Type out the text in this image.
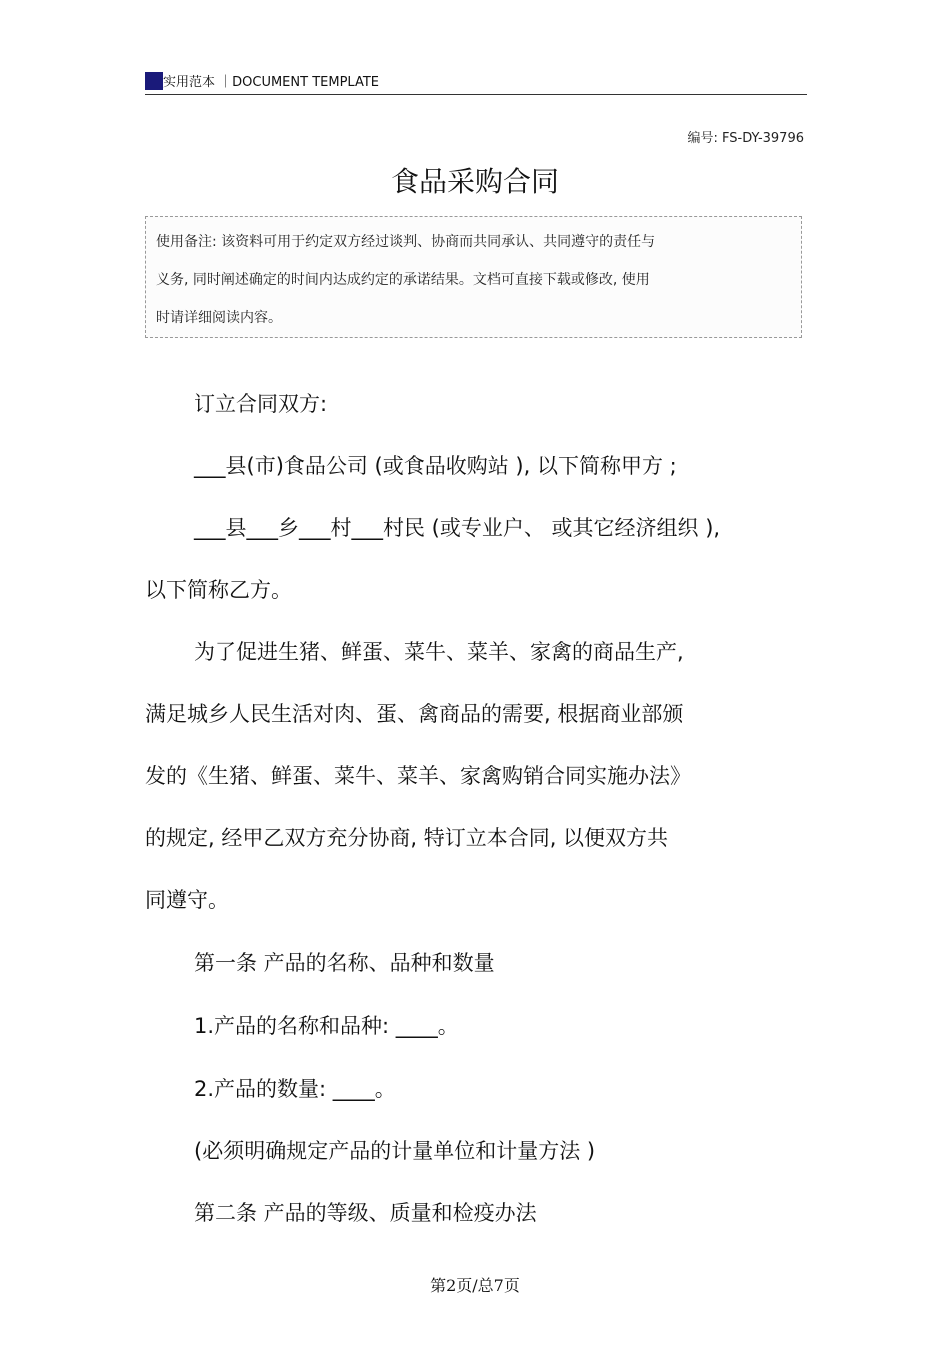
实用范本 ｜DOCUMENT TEMPLATE
编号: FS-DY-39796
食品采购合同
使用备注: 该资料可用于约定双方经过谈判、协商而共同承认、共同遵守的责任与
义务, 同时阐述确定的时间内达成约定的承诺结果。文档可直接下载或修改, 使用
时请详细阅读内容。
订立合同双方:
___县(市)食品公司 (或食品收购站 ), 以下简称甲方 ;
___县___乡___村___村民 (或专业户、 或其它经济组织 ),
以下简称乙方。
为了促进生猪、鲜蛋、菜牛、菜羊、家禽的商品生产,
满足城乡人民生活对肉、蛋、禽商品的需要, 根据商业部颁
发的《生猪、鲜蛋、菜牛、菜羊、家禽购销合同实施办法》
的规定, 经甲乙双方充分协商, 特订立本合同, 以便双方共
同遵守。
第一条 产品的名称、品种和数量
1.产品的名称和品种: ____。
2.产品的数量: ____。
(必须明确规定产品的计量单位和计量方法 )
第二条 产品的等级、质量和检疫办法
第2页/总7页
